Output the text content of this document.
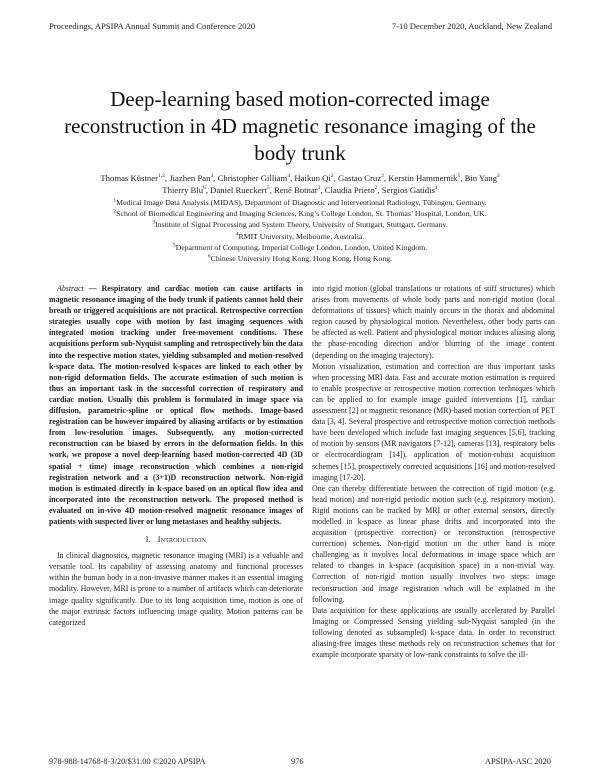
Proceedings, APSIPA Annual Summit and Conference 2020	7-10 December 2020, Auckland, New Zealand
Deep-learning based motion-corrected image reconstruction in 4D magnetic resonance imaging of the body trunk
Thomas Küstner$^{1,2}$, Jiazhen Pan$^3$, Christopher Gilliam$^4$, Haikun Qi$^2$, Gastao Cruz$^2$, Kerstin Hammernik$^5$, Bin Yang$^3$
Thierry Blu$^6$, Daniel Rueckert$^5$, René Botnar$^2$, Claudia Prieto$^2$, Sergios Gatidis$^1$
$^1$Medical Image Data Analysis (MIDAS), Department of Diagnostic and Interventional Radiology, Tübingen, Germany.
$^2$School of Biomedical Engineering and Imaging Sciences, King’s College London, St. Thomas’ Hospital, London, UK.
$^3$Institute of Signal Processing and System Theory, University of Stuttgart, Stuttgart, Germany.
$^4$RMIT University, Melbourne, Australia.
$^5$Department of Computing, Imperial College London, London, United Kingdom.
$^6$Chinese University Hong Kong, Hong Kong, Hong Kong.

Abstract — Respiratory and cardiac motion can cause artifacts in magnetic resonance imaging of the body trunk if patients cannot hold their breath or triggered acquisitions are not practical. Retrospective correction strategies usually cope with motion by fast imaging sequences with integrated motion tracking under free-movement conditions. These acquisitions perform sub-Nyquist sampling and retrospectively bin the data into the respective motion states, yielding subsampled and motion-resolved k-space data. The motion-resolved k-spaces are linked to each other by non-rigid deformation fields. The accurate estimation of such motion is thus an important task in the successful correction of respiratory and cardiac motion. Usually this problem is formulated in image space via diffusion, parametric-spline or optical flow methods. Image-based registration can be however impaired by aliasing artifacts or by estimation from low-resolution images. Subsequently, any motion-corrected reconstruction can be biased by errors in the deformation fields. In this work, we propose a novel deep-learning based motion-corrected 4D (3D spatial + time) image reconstruction which combines a non-rigid registration network and a (3+1)D reconstruction network. Non-rigid motion is estimated directly in k-space based on an optical flow idea and incorporated into the reconstruction network. The proposed method is evaluated on in-vivo 4D motion-resolved magnetic resonance images of patients with suspected liver or lung metastases and healthy subjects.

I. Introduction

In clinical diagnostics, magnetic resonance imaging (MRI) is a valuable and versatile tool. Its capability of assessing anatomy and functional processes within the human body in a non-invasive manner makes it an essential imaging modality. However, MRI is prone to a number of artifacts which can deteriorate image quality significantly. Due to its long acquisition time, motion is one of the major extrinsic factors influencing image quality. Motion patterns can be categorized

into rigid motion (global translations or rotations of stiff structures) which arises from movements of whole body parts and non-rigid motion (local deformations of tissues) which mainly occurs in the thorax and abdominal region caused by physiological motion. Nevertheless, other body parts can be affected as well. Patient and physiological motion induces aliasing along the phase-encoding direction and/or blurring of the image content (depending on the imaging trajectory).

Motion visualization, estimation and correction are thus important tasks when processing MRI data. Fast and accurate motion estimation is required to enable prospective or retrospective motion correction techniques which can be applied to for example image guided interventions [1], cardiac assessment [2] or magnetic resonance (MR)-based motion correction of PET data [3, 4]. Several prospective and retrospective motion correction methods have been developed which include fast imaging sequences [5,6], tracking of motion by sensors (MR navigators [7-12], cameras [13], respiratory belts or electrocardiogram [14]), application of motion-robust acquisition schemes [15], prospectively corrected acquisitions [16] and motion-resolved imaging [17-20].

One can thereby differentiate between the correction of rigid motion (e.g. head motion) and non-rigid periodic motion such (e.g. respiratory motion). Rigid motions can be tracked by MRI or other external sensors, directly modelled in k-space as linear phase drifts and incorporated into the acquisition (prospective correction) or reconstruction (retrospective correction) schemes. Non-rigid motion on the other hand is more challenging as it involves local deformations in image space which are related to changes in k-space (acquisition space) in a non-trivial way. Correction of non-rigid motion usually involves two steps: image reconstruction and image registration which will be explained in the following.

Data acquisition for these applications are usually accelerated by Parallel Imaging or Compressed Sensing yielding sub-Nyquist sampled (in the following denoted as subsampled) k-space data. In order to reconstruct aliasing-free images these methods rely on reconstruction schemes that for example incorporate sparsity or low-rank constraints to solve the ill-

978-988-14768-8-3/20/$31.00 ©2020 APSIPA	976	APSIPA-ASC 2020
